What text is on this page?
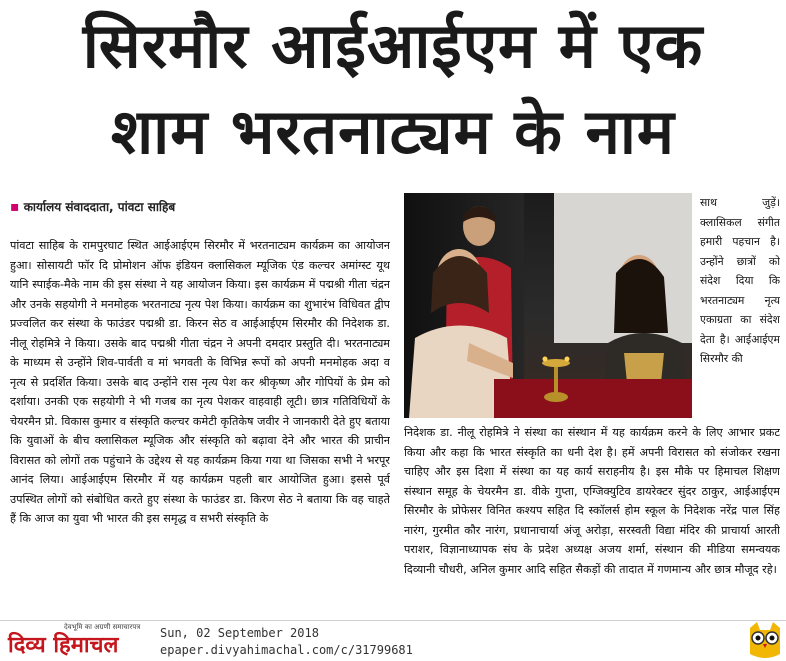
सिरमौर आईआईएम में एक
शाम भरतनाट्यम के नाम
▪ कार्यालय संवाददाता, पांवटा साहिब
पांवटा साहिब के रामपुरघाट स्थित आईआईएम सिरमौर में भरतनाट्यम कार्यक्रम का आयोजन हुआ। सोसायटी फॉर दि प्रोमोशन ऑफ इंडियन क्लासिकल म्यूजिक एंड कल्चर अमांग्स्ट यूथ यानि स्पाईक-मैके नाम की इस संस्था ने यह आयोजन किया। इस कार्यक्रम में पद्मश्री गीता चंद्रन और उनके सहयोगी ने मनमोहक भरतनाट्य नृत्य पेश किया। कार्यक्रम का शुभारंभ विधिवत द्वीप प्रज्वलित कर संस्था के फाउंडर पद्मश्री डा. किरन सेठ व आईआईएम सिरमौर की निदेशक डा. नीलू रोहमित्रे ने किया। उसके बाद पद्मश्री गीता चंद्रन ने अपनी दमदार प्रस्तुति दी। भरतनाट्यम के माध्यम से उन्होंने शिव-पार्वती व मां भगवती के विभिन्न रूपों को अपनी मनमोहक अदा व नृत्य से प्रदर्शित किया। उसके बाद उन्होंने रास नृत्य पेश कर श्रीकृष्ण और गोपियों के प्रेम को दर्शाया। उनकी एक सहयोगी ने भी गजब का नृत्य पेशकर वाहवाही लूटी। छात्र गतिविधियों के चेयरमैन प्रो. विकास कुमार व संस्कृति कल्चर कमेटी कृतिकेष जवीर ने जानकारी देते हुए बताया कि युवाओं के बीच क्लासिकल म्यूजिक और संस्कृति को बढ़ावा देने और भारत की प्राचीन विरासत को लोगों तक पहुंचाने के उद्देश्य से यह कार्यक्रम किया गया था जिसका सभी ने भरपूर आनंद लिया। आईआईएम सिरमौर में यह कार्यक्रम पहली बार आयोजित हुआ। इससे पूर्व उपस्थित लोगों को संबोधित करते हुए संस्था के फाउंडर डा. किरण सेठ ने बताया कि वह चाहते हैं कि आज का युवा भी भारत की इस समृद्ध व सभरी संस्कृति के
साथ जुड़ें। क्लासिकल संगीत हमारी पहचान है। उन्होंने छात्रों को संदेश दिया कि भरतनाट्यम नृत्य एकाग्रता का संदेश देता है। आईआईएम सिरमौर की
निदेशक डा. नीलू रोहमित्रे ने संस्था का संस्थान में यह कार्यक्रम करने के लिए आभार प्रकट किया और कहा कि भारत संस्कृति का धनी देश है। हमें अपनी विरासत को संजोकर रखना चाहिए और इस दिशा में संस्था का यह कार्य सराहनीय है। इस मौके पर हिमाचल शिक्षण संस्थान समूह के चेयरमैन डा. वीके गुप्ता, एग्जिक्युटिव डायरेक्टर सुंदर ठाकुर, आईआईएम सिरमौर के प्रोफेसर विनित कश्यप सहित दि स्कॉलर्स होम स्कूल के निदेशक नरेंद्र पाल सिंह नारंग, गुरमीत कौर नारंग, प्रधानाचार्या अंजू अरोड़ा, सरस्वती विद्या मंदिर की प्राचार्या आरती पराशर, विज्ञानाध्यापक संघ के प्रदेश अध्यक्ष अजय शर्मा, संस्थान की मीडिया समन्वयक दिव्यानी चौधरी, अनिल कुमार आदि सहित सैकड़ों की तादात में गणमान्य और छात्र मौजूद रहे।
देवभूमि का अग्रणी समाचारपत्र
दिव्य हिमाचल	Sun, 02 September 2018
epaper.divyahimachal.com/c/31799681
